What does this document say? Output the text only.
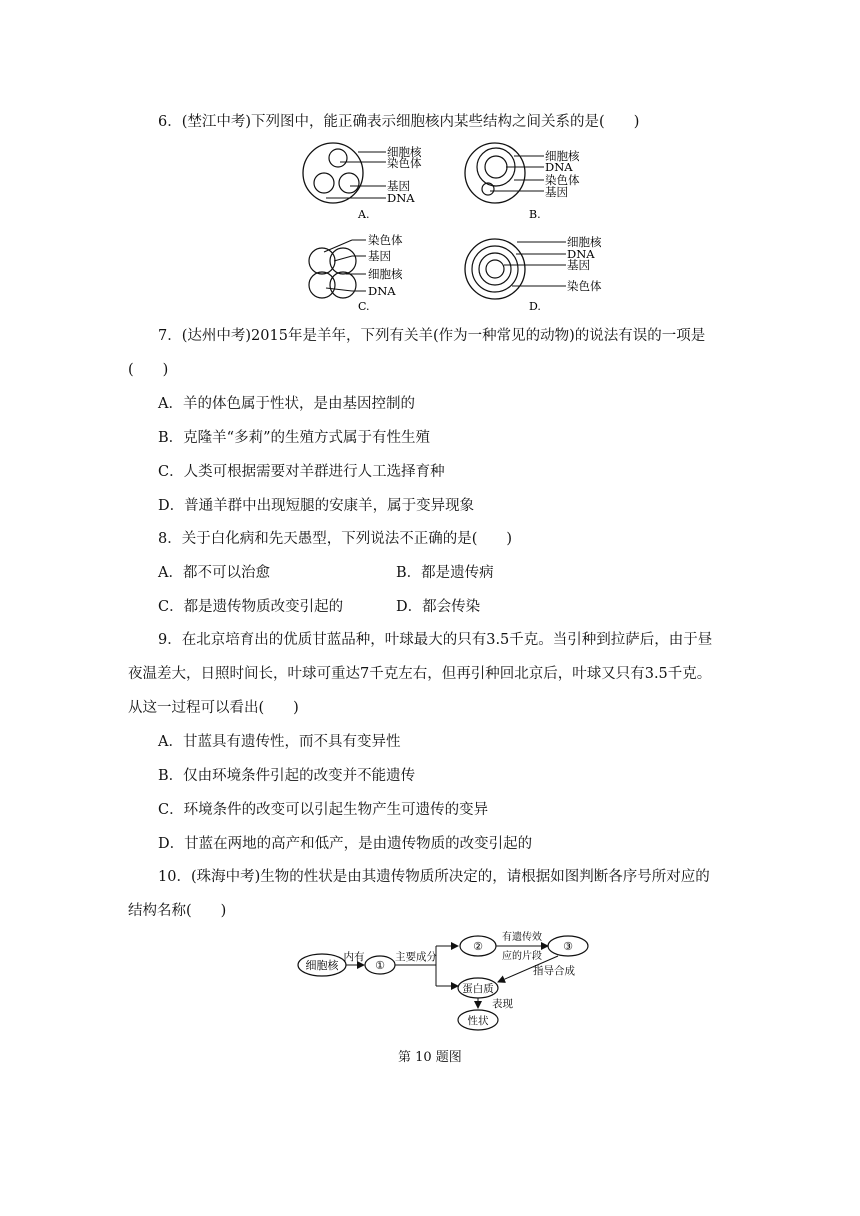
6．(埜江中考)下列图中，能正确表示细胞核内某些结构之间关系的是(　　)
细胞核
染色体
基因
DNA
A.
细胞核
DNA
染色体
基因
B.
染色体
基因
细胞核
DNA
C.
细胞核
DNA
基因
染色体
D.
7．(达州中考)2015年是羊年，下列有关羊(作为一种常见的动物)的说法有误的一项是
(　　)
A．羊的体色属于性状，是由基因控制的
B．克隆羊“多莉”的生殖方式属于有性生殖
C．人类可根据需要对羊群进行人工选择育种
D．普通羊群中出现短腿的安康羊，属于变异现象
8．关于白化病和先天愚型，下列说法不正确的是(　　)
A．都不可以治愈	B．都是遗传病
C．都是遗传物质改变引起的	D．都会传染
9．在北京培育出的优质甘蓝品种，叶球最大的只有3.5千克。当引种到拉萨后，由于昼
夜温差大，日照时间长，叶球可重达7千克左右，但再引种回北京后，叶球又只有3.5千克。
从这一过程可以看出(　　)
A．甘蓝具有遗传性，而不具有变异性
B．仅由环境条件引起的改变并不能遗传
C．环境条件的改变可以引起生物产生可遗传的变异
D．甘蓝在两地的高产和低产，是由遗传物质的改变引起的
10．(珠海中考)生物的性状是由其遗传物质所决定的，请根据如图判断各序号所对应的
结构名称(　　)
细胞核
内有
①
主要成分
②
有遗传效
应的片段
③
指导合成
蛋白质
表现
性状
第 10 题图
